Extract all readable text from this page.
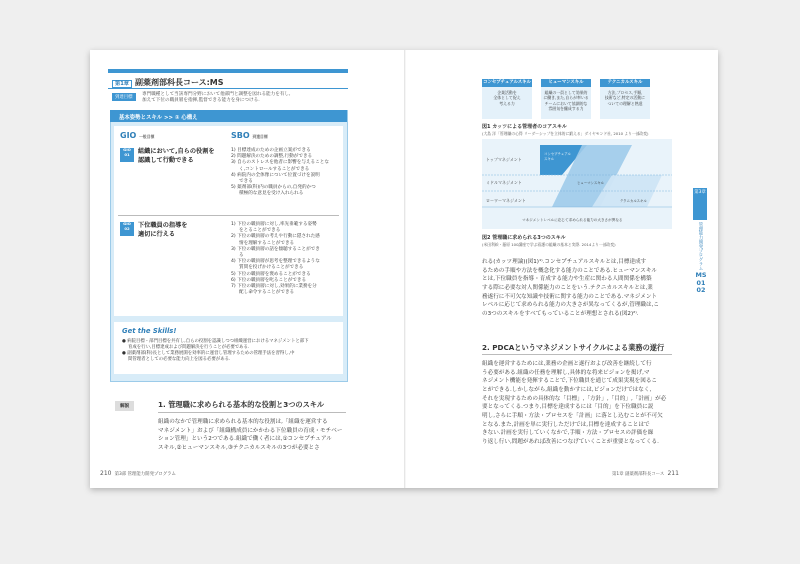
第1章 副薬剤部科長コース:MS
到達目標
専門職種として当該専門分野において他部門と調整を図れる能力を有し,
加えて下位の職員層を指揮,監督できる能力を身につける.
基本姿勢とスキル >> ① 心構え
GIO 一般目標	SBO 到達目標
GIO 01	組織において,自らの役割を
認識して行動できる
1) 目標達成のための企画立案ができる
2) 問題解決のための調整,行動ができる
3) 自らのストレスを他者に影響を与えることな
く,コントロールすることができる
4) 病院内の全体像について位置づけを説明
できる
5) 薬剤部(科)内の職員からの,自発的かつ
積極的な意見を受け入れられる
GIO 02	下位職員の指導を
適切に行える
1) 下位の職員層に対し,率先垂範する姿勢
をとることができる
2) 下位の職員層の考えや行動に隠された感
情を理解することができる
3) 下位の職員層の話を傾聴することができ
る
4) 下位の職員層が思考を整理できるような
質問を投げかけることができる
5) 下位の職員層を褒めることができる
6) 下位の職員層を叱ることができる
7) 下位の職員層に対し,効果的に業務を分
配し命令することができる
Get the Skills!
● 病院目標・部門目標を共有し,自らの役割を認識しつつ組織運営におけるマネジメントと部下
育成を行い,目標達成および問題解決を行うことが必要である.
● 副薬剤部(科)長として業務展開を効率的に運営し管理するための管理手法を習得し,中
間管理者としての必要な能力向上を図る必要がある.
解説	1. 管理職に求められる基本的な役割と3つのスキル
組織のなかで管理職に求められる基本的な役割は,「組織を運営する
マネジメント」および「組織構成員にかかわる下位職員の育成・モチベー
ション管理」という2つである.組織で働く者には,①コンセプチュアル
スキル,②ヒューマンスキル,③テクニカルスキルの3つが必要とさ
210 第3部 管理能力開発プログラム
コンセプチュアルスキル
企業活動を
全体として捉え
考える力
ヒューマンスキル
組織の一員として効果的
に働き,また,自らが率いる
チームにおいて協調的な
雰囲気を醸成する力
テクニカルスキル
方法,プロセス,手順,
技術など,特定の活動に
ついての理解と熟達
図1 カッツによる管理者のコアスキル
(大島 洋「管理職の心得 リーダーシップを立体的に鍛える」ダイヤモンド社, 2010 より一部改変)
トップマネジメント
ミドルマネジメント
ローワーマネジメント
コンセプチュアル
スキル
ヒューマンスキル
テクニカルスキル
マネジメントレベルに応じて求められる能力の大きさが異なる
図2 管理職に求められる3つのスキル
(米田利絵・藤原 100講座で学ぶ看護の組織の基本と実際. 2014より一部改変)
れる(カッツ理論)(図1)¹⁾.コンセプチュアルスキルとは,目標達成す
るための手順や方法を概念化する能力のことである.ヒューマンスキル
とは,下位職員を指導・育成する能力や生産に関わる人間関係を構築
する際に必要な対人関係能力のことをいう.テクニカルスキルとは,業
務遂行に不可欠な知識や技術に関する能力のことである.マネジメント
レベルに応じて求められる能力の大きさが異なってくるが,管理職は,こ
の3つのスキルをすべてもっていることが理想とされる(図2)²⁾.
2. PDCAというマネジメントサイクルによる業務の遂行
組織を運営するためには,業務の企画と遂行および改善を継続して行
う必要がある.組織の任務を理解し,具体的な将来ビジョンを掲げ,マ
ネジメント機能を発揮することで,下位職員を通じて成果実現を図るこ
とができる.しかしながら,組織を動かすには,ビジョンだけではなく,
それを実現するための具体的な「目標」,「方針」,「目的」,「計画」が必
要となってくる.つまり,目標を達成するには「目的」を下位職員に説
明し,さらに手順・方法・プロセスを「計画」に落とし込むことが不可欠
となる.また,計画を単に実行しただけでは,目標を達成することはで
きない.計画を実行していくなかで,手順・方法・プロセスの評価を繰
り返し行い,問題があれば改善につなげていくことが重要となってくる.
第3章
管理能力開発プログラム
MS
01
02
第1章 副薬剤部科長コース 211
